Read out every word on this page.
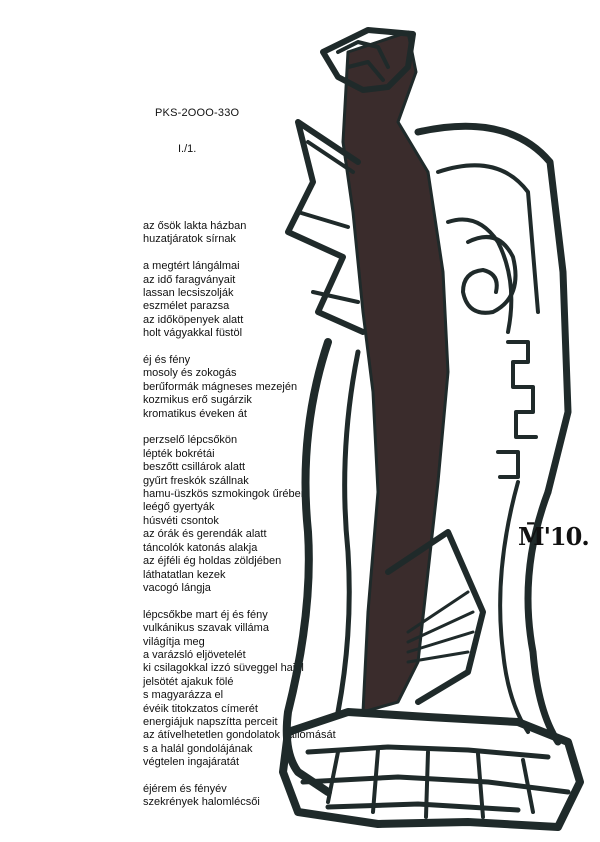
PKS-2OOO-33O
I./1.
az ősök lakta házban
huzatjáratok sírnak
a megtért lángálmai
az idő faragványait
lassan lecsiszolják
eszmélet parazsa
az időköpenyek alatt
holt vágyakkal füstöl
éj és fény
mosoly és zokogás
berűformák mágneses mezején
kozmikus erő sugárzik
kromatikus éveken át
perzselő lépcsőkön
lépték bokrétái
beszőtt csillárok alatt
gyűrt freskók szállnak
hamu-üszkös szmokingok űrében
leégő gyertyák
húsvéti csontok
az órák és gerendák alatt
táncolók katonás alakja
az éjféli ég holdas zöldjében
láthatatlan kezek
vacogó lángja
lépcsőkbe mart éj és fény
vulkánikus szavak villáma
világítja meg
a varázsló eljövetelét
ki csilagokkal izzó süveggel hajol
jelsötét ajakuk fölé
s magyarázza el
évéik titokzatos címerét
energiájuk napszítta perceit
az átívelhetetlen gondolatok vallomását
s a halál gondolájának
végtelen ingajáratát
éjérem és fényév
szekrények halomlécsői
M̄'10.
